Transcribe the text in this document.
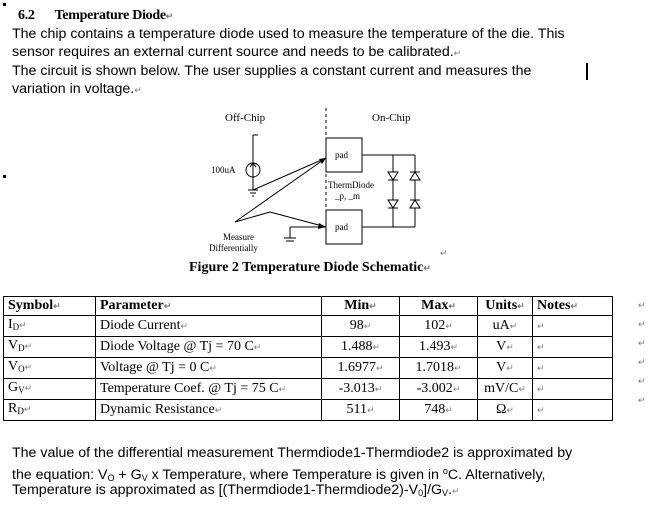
6.2 Temperature Diode↵
The chip contains a temperature diode used to measure the temperature of the die. This
sensor requires an external current source and needs to be calibrated.↵
The circuit is shown below. The user supplies a constant current and measures the
variation in voltage.↵
Off-Chip	On-Chip
100uA
Measure
Differentially
pad
pad
ThermDiode
_p, _m
↵
Figure 2 Temperature Diode Schematic↵
Symbol↵	Parameter↵	Min↵	Max↵	Units↵	Notes↵
$I_D↵$	Diode Current↵	98↵	102↵	uA↵	↵
$V_D↵$	Diode Voltage @ Tj = 70 C↵	1.488↵	1.493↵	V↵	↵
$V_O↵$	Voltage @ Tj = 0 C↵	1.6977↵	1.7018↵	V↵	↵
$G_V↵$	Temperature Coef. @ Tj = 75 C↵	-3.013↵	-3.002↵	mV/C↵	↵
$R_D↵$	Dynamic Resistance↵	511↵	748↵	Ω↵	↵
↵
↵
↵
↵
↵
↵
The value of the differential measurement Thermdiode1-Thermdiode2 is approximated by
the equation: $V_O + G_V$ x Temperature, where Temperature is given in $^o$C. Alternatively,
Temperature is approximated as $[(Thermdiode1-Thermdiode2)-V_0]/G_V.↵$
